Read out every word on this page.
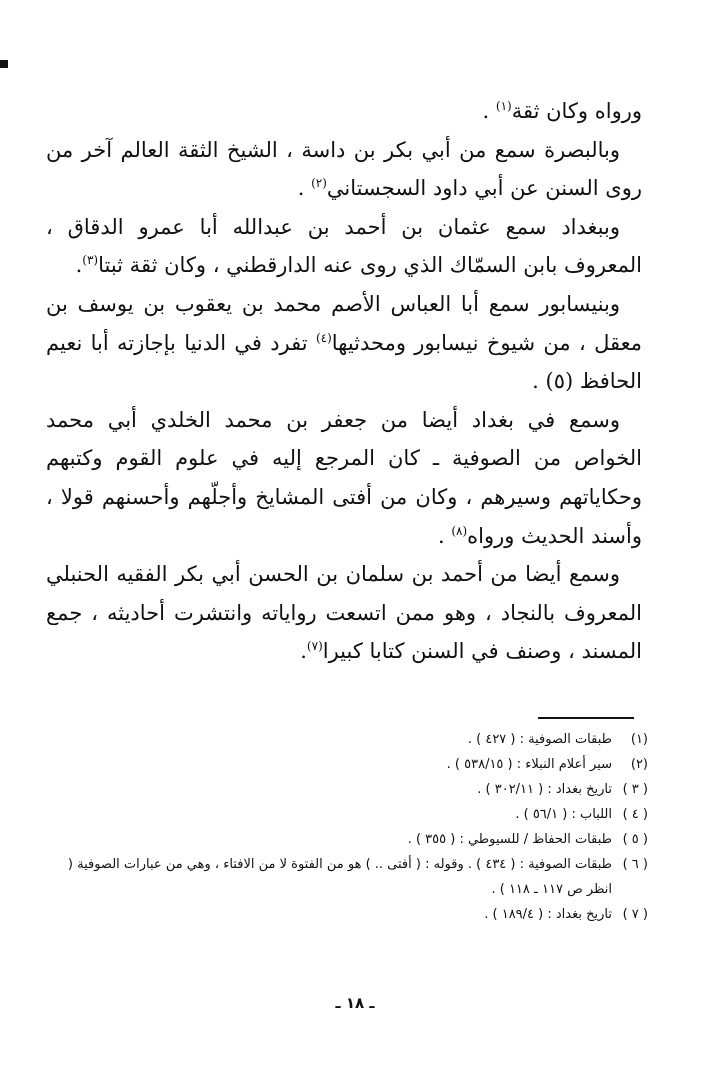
ورواه وكان ثقة$^{(١)}$ .

وبالبصرة سمع من أبي بكر بن داسة ، الشيخ الثقة العالم آخر من روى السنن عن أبي داود السجستاني$^{(٢)}$ .

وببغداد سمع عثمان بن أحمد بن عبدالله أبا عمرو الدقاق ، المعروف بابن السمّاك الذي روى عنه الدارقطني ، وكان ثقة ثبتا$^{(٣)}$.

وبنيسابور سمع أبا العباس الأصم محمد بن يعقوب بن يوسف بن معقل ، من شيوخ نيسابور ومحدثيها$^{(٤)}$ تفرد في الدنيا بإجازته أبا نعيم الحافظ (٥) .

وسمع في بغداد أيضا من جعفر بن محمد الخلدي أبي محمد الخواص من الصوفية ـ كان المرجع إليه في علوم القوم وكتبهم وحكاياتهم وسيرهم ، وكان من أفتى المشايخ وأجلّهم وأحسنهم قولا ، وأسند الحديث ورواه$^{(٨)}$ .

وسمع أيضا من أحمد بن سلمان بن الحسن أبي بكر الفقيه الحنبلي المعروف بالنجاد ، وهو ممن اتسعت رواياته وانتشرت أحاديثه ، جمع المسند ، وصنف في السنن كتابا كبيرا$^{(٧)}$.

(١)
طبقات الصوفية : ( ٤٢٧ ) .
(٢)
سير أعلام النبلاء : ( ٥٣٨/١٥ ) .
( ٣ )
تاريخ بغداد : ( ٣٠٢/١١ ) .
( ٤ )
اللباب : ( ٥٦/١ ) .
( ٥ )
طبقات الحفاظ / للسيوطي : ( ٣٥٥ ) .
( ٦ )
طبقات الصوفية : ( ٤٣٤ ) . وقوله : ( أفتى .. ) هو من الفتوة لا من الافتاء ، وهي من عبارات الصوفية ( انظر ص ١١٧ ـ ١١٨ ) .
( ٧ )
تاريخ بغداد : ( ١٨٩/٤ ) .
ـ ١٨ ـ
